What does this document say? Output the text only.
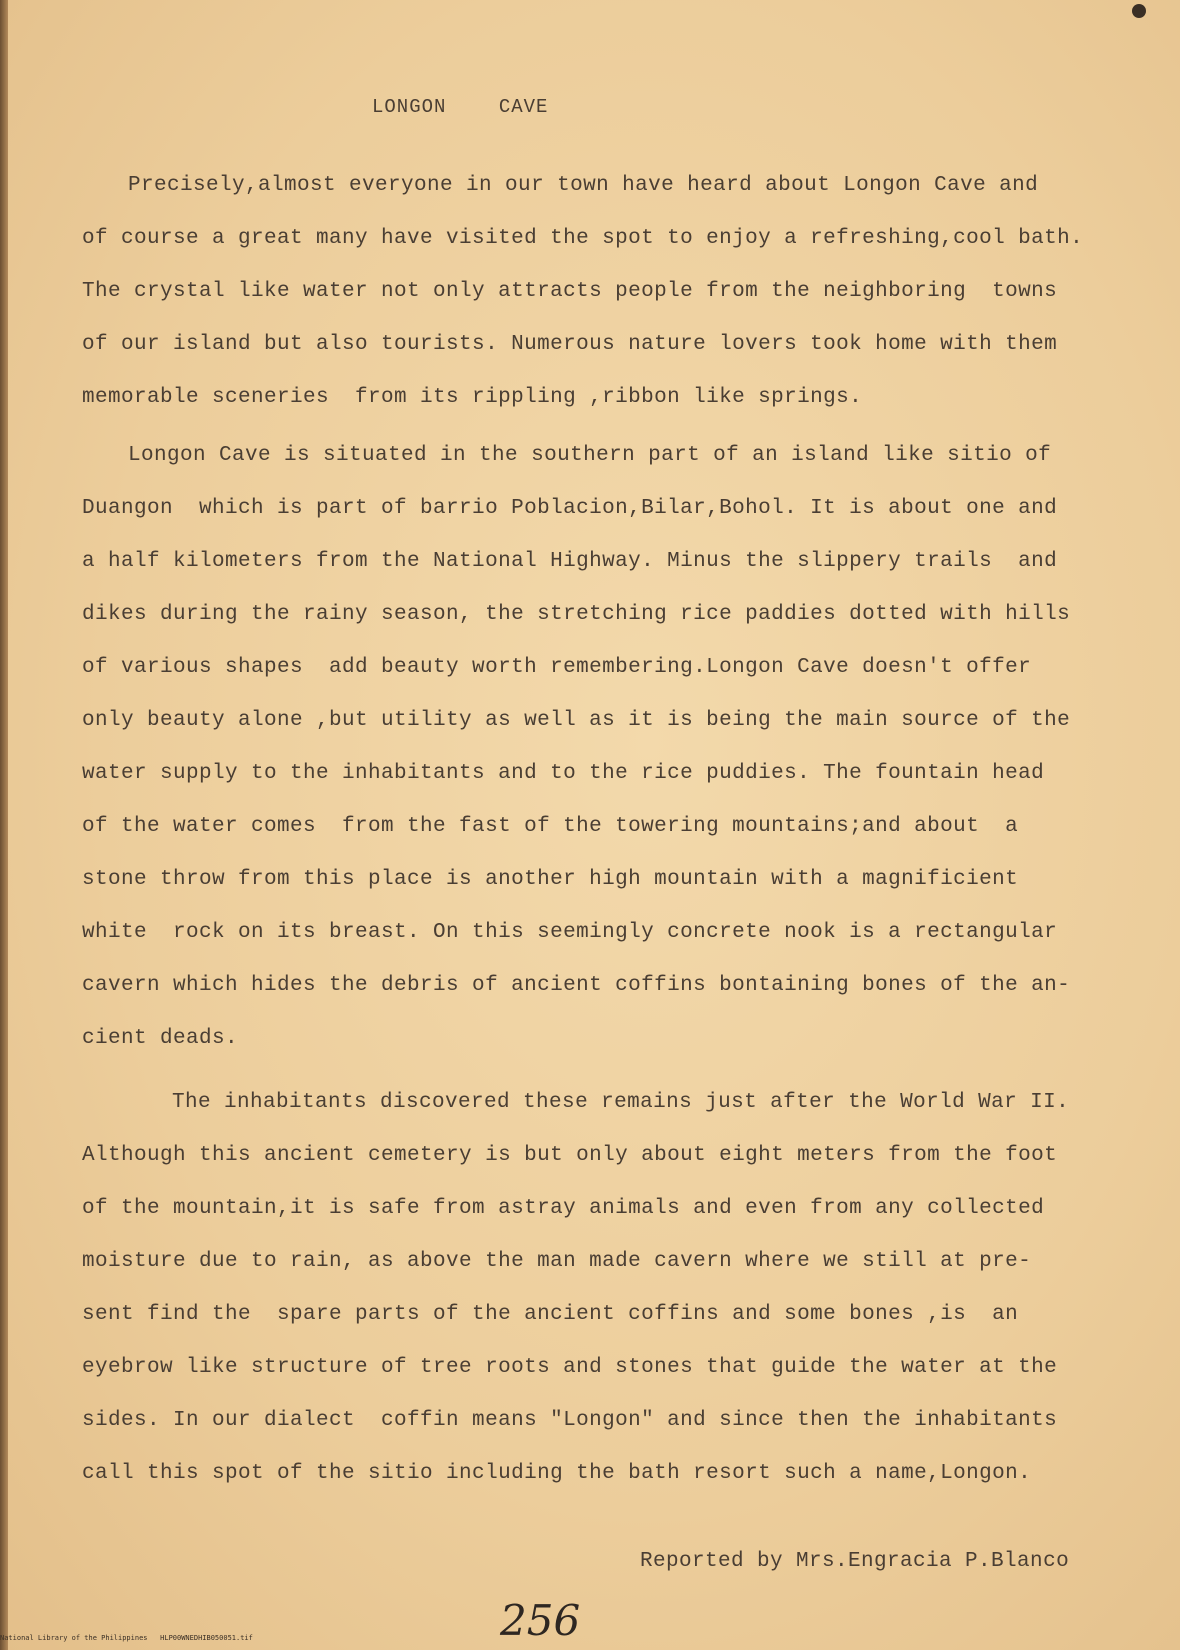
LONGON CAVE
Precisely,almost everyone in our town have heard about Longon Cave and
of course a great many have visited the spot to enjoy a refreshing,cool bath.
The crystal like water not only attracts people from the neighboring  towns
of our island but also tourists. Numerous nature lovers took home with them
memorable sceneries  from its rippling ,ribbon like springs.
Longon Cave is situated in the southern part of an island like sitio of
Duangon  which is part of barrio Poblacion,Bilar,Bohol. It is about one and
a half kilometers from the National Highway. Minus the slippery trails  and
dikes during the rainy season, the stretching rice paddies dotted with hills
of various shapes  add beauty worth remembering.Longon Cave doesn't offer
only beauty alone ,but utility as well as it is being the main source of the
water supply to the inhabitants and to the rice puddies. The fountain head
of the water comes  from the fast of the towering mountains;and about  a
stone throw from this place is another high mountain with a magnificient
white  rock on its breast. On this seemingly concrete nook is a rectangular
cavern which hides the debris of ancient coffins bontaining bones of the an-
cient deads.
The inhabitants discovered these remains just after the World War II.
Although this ancient cemetery is but only about eight meters from the foot
of the mountain,it is safe from astray animals and even from any collected
moisture due to rain, as above the man made cavern where we still at pre-
sent find the  spare parts of the ancient coffins and some bones ,is  an
eyebrow like structure of tree roots and stones that guide the water at the
sides. In our dialect  coffin means "Longon" and since then the inhabitants
call this spot of the sitio including the bath resort such a name,Longon.
Reported by Mrs.Engracia P.Blanco
256
National Library of the Philippines   HLP00WNEDHIB050051.tif
